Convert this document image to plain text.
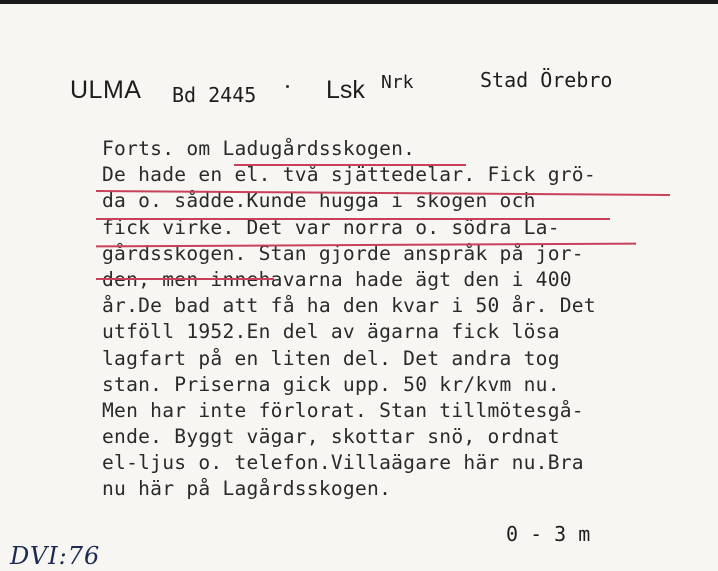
ULMA Bd 2445	Lsk Nrk	Stad Örebro
Forts. om Ladugårdsskogen.
De hade en el. två sjättedelar. Fick grö-
da o. sådde.Kunde hugga i skogen och
fick virke. Det var norra o. södra La-
gårdsskogen. Stan gjorde anspråk på jor-
den, men innehavarna hade ägt den i 400
år.De bad att få ha den kvar i 50 år. Det
utföll 1952.En del av ägarna fick lösa
lagfart på en liten del. Det andra tog
stan. Priserna gick upp. 50 kr/kvm nu.
Men har inte förlorat. Stan tillmötesgå-
ende. Byggt vägar, skottar snö, ordnat
el-ljus o. telefon.Villaägare här nu.Bra
nu här på Lagårdsskogen.
0 - 3 m
DVI:76
